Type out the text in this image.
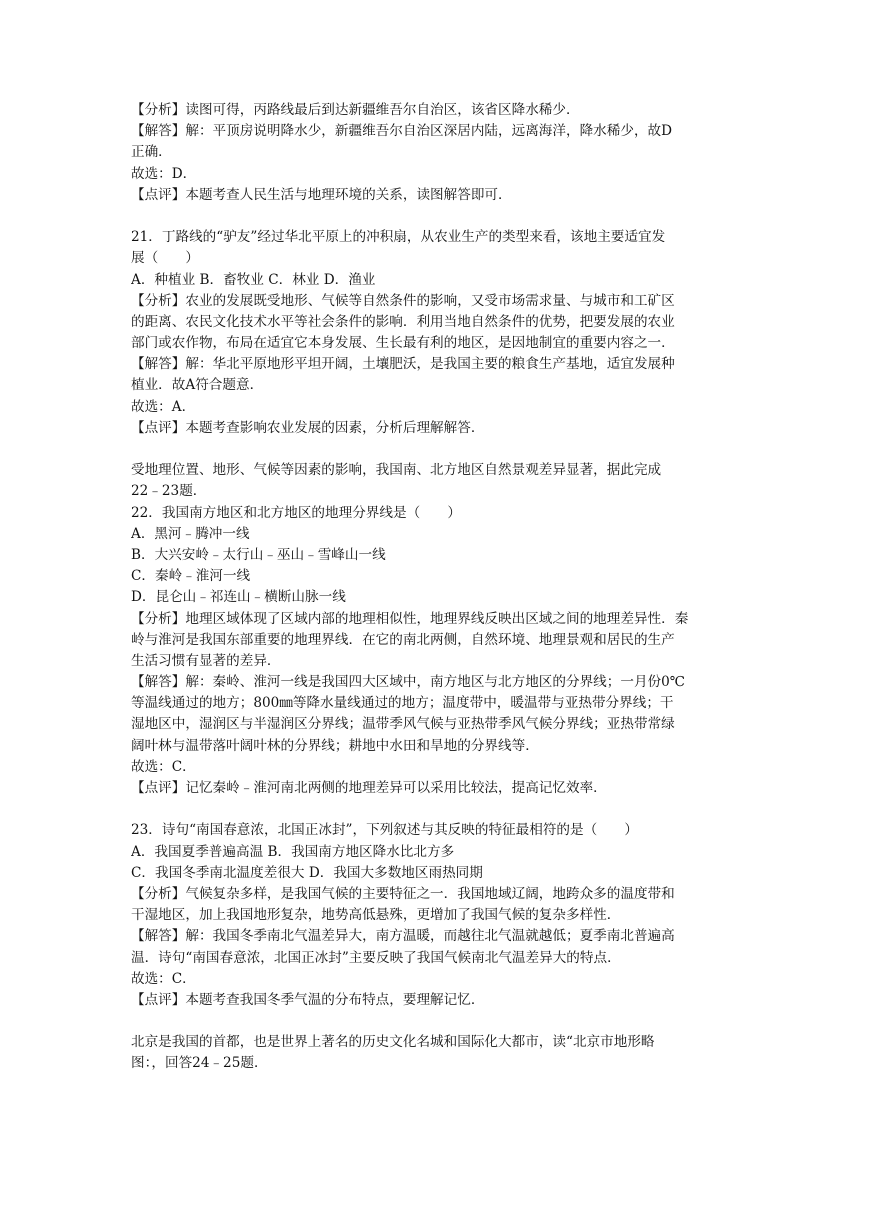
【分析】读图可得，丙路线最后到达新疆维吾尔自治区，该省区降水稀少．
【解答】解：平顶房说明降水少，新疆维吾尔自治区深居内陆，远离海洋，降水稀少，故D
正确．
故选：D．
【点评】本题考查人民生活与地理环境的关系，读图解答即可．
21．丁路线的“驴友”经过华北平原上的冲积扇，从农业生产的类型来看，该地主要适宜发
展（　　）
A．种植业 B．畜牧业 C．林业 D．渔业
【分析】农业的发展既受地形、气候等自然条件的影响，又受市场需求量、与城市和工矿区
的距离、农民文化技术水平等社会条件的影响．利用当地自然条件的优势，把要发展的农业
部门或农作物，布局在适宜它本身发展、生长最有利的地区，是因地制宜的重要内容之一．
【解答】解：华北平原地形平坦开阔，土壤肥沃，是我国主要的粮食生产基地，适宜发展种
植业．故A符合题意．
故选：A．
【点评】本题考查影响农业发展的因素，分析后理解解答．
受地理位置、地形、气候等因素的影响，我国南、北方地区自然景观差异显著，据此完成
22﹣23题．
22．我国南方地区和北方地区的地理分界线是（　　）
A．黑河﹣腾冲一线
B．大兴安岭﹣太行山﹣巫山﹣雪峰山一线
C．秦岭﹣淮河一线
D．昆仑山﹣祁连山﹣横断山脉一线
【分析】地理区域体现了区域内部的地理相似性，地理界线反映出区域之间的地理差异性．秦
岭与淮河是我国东部重要的地理界线．在它的南北两侧，自然环境、地理景观和居民的生产
生活习惯有显著的差异．
【解答】解：秦岭、淮河一线是我国四大区域中，南方地区与北方地区的分界线；一月份0℃
等温线通过的地方；800㎜等降水量线通过的地方；温度带中，暖温带与亚热带分界线；干
湿地区中，湿润区与半湿润区分界线；温带季风气候与亚热带季风气候分界线；亚热带常绿
阔叶林与温带落叶阔叶林的分界线；耕地中水田和旱地的分界线等．
故选：C．
【点评】记忆秦岭﹣淮河南北两侧的地理差异可以采用比较法，提高记忆效率．
23．诗句“南国春意浓，北国正冰封”，下列叙述与其反映的特征最相符的是（　　）
A．我国夏季普遍高温 B．我国南方地区降水比北方多
C．我国冬季南北温度差很大 D．我国大多数地区雨热同期
【分析】气候复杂多样，是我国气候的主要特征之一．我国地域辽阔，地跨众多的温度带和
干湿地区，加上我国地形复杂，地势高低悬殊，更增加了我国气候的复杂多样性．
【解答】解：我国冬季南北气温差异大，南方温暖，而越往北气温就越低；夏季南北普遍高
温．诗句“南国春意浓，北国正冰封”主要反映了我国气候南北气温差异大的特点．
故选：C．
【点评】本题考查我国冬季气温的分布特点，要理解记忆．
北京是我国的首都，也是世界上著名的历史文化名城和国际化大都市，读“北京市地形略
图：，回答24﹣25题．
